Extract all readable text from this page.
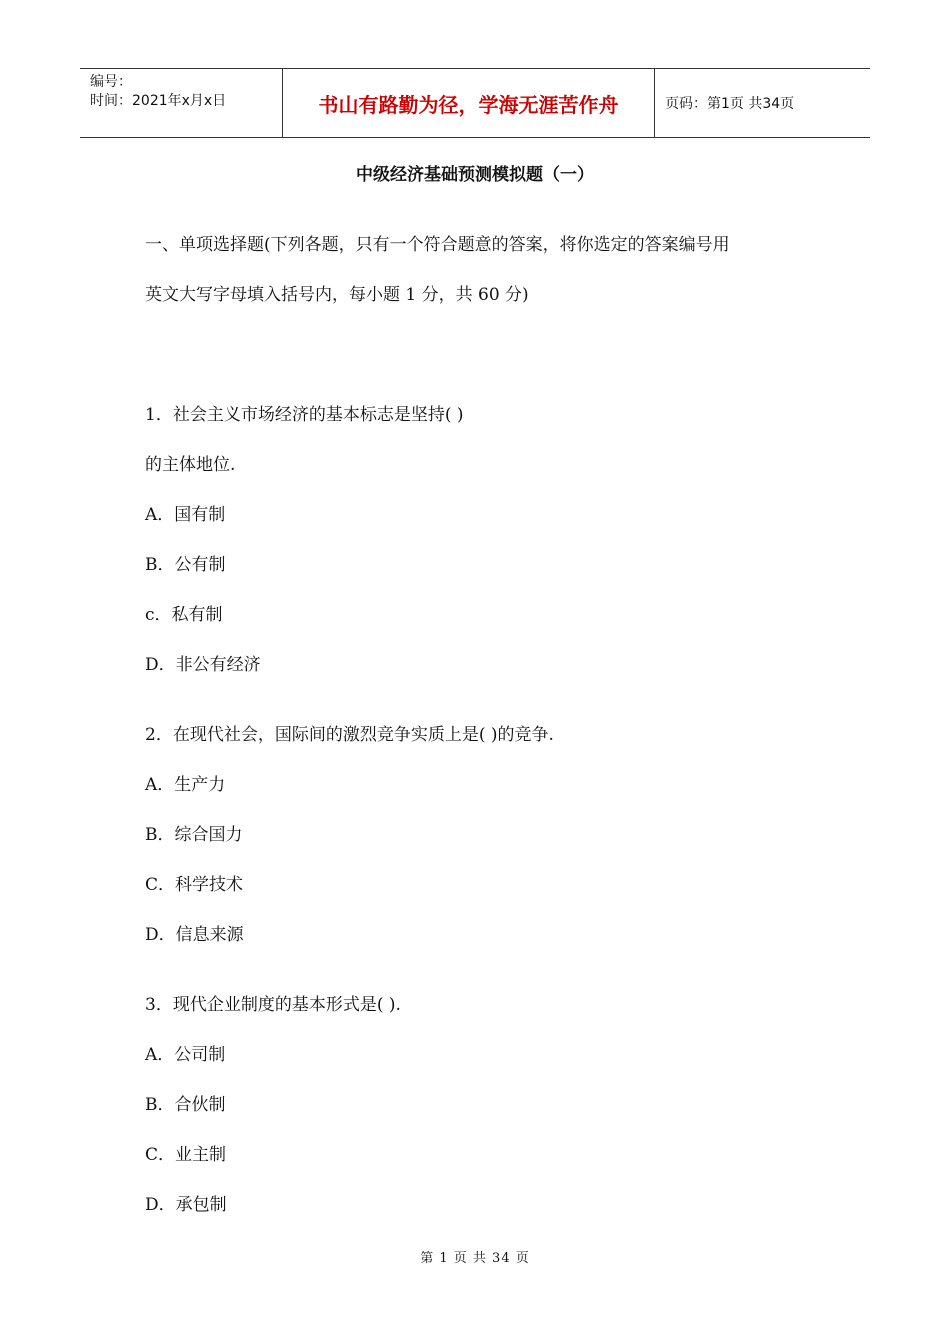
编号：
时间：2021年x月x日	书山有路勤为径，学海无涯苦作舟	页码：第1页 共34页
中级经济基础预测模拟题（一）
一、单项选择题(下列各题，只有一个符合题意的答案，将你选定的答案编号用
英文大写字母填入括号内，每小题 1 分，共 60 分)
1．社会主义市场经济的基本标志是坚持( )
的主体地位.
A．国有制
B．公有制
c．私有制
D．非公有经济
2．在现代社会，国际间的激烈竞争实质上是( )的竞争.
A．生产力
B．综合国力
C．科学技术
D．信息来源
3．现代企业制度的基本形式是( ).
A．公司制
B．合伙制
C．业主制
D．承包制
第 1 页 共 34 页
